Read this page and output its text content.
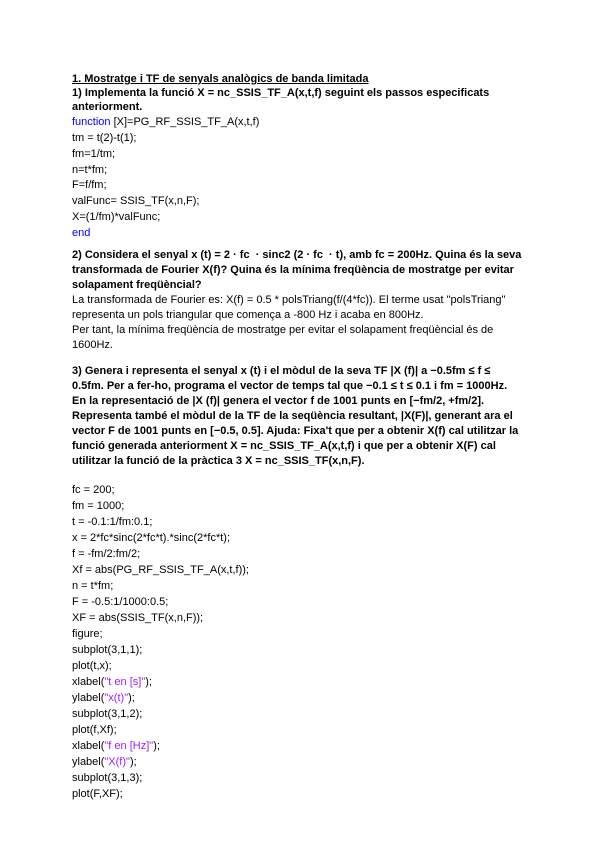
1. Mostratge i TF de senyals analògics de banda limitada
1) Implementa la funció X = nc_SSIS_TF_A(x,t,f) seguint els passos especificats
anteriorment.
function [X]=PG_RF_SSIS_TF_A(x,t,f)
tm = t(2)-t(1);
fm=1/tm;
n=t*fm;
F=f/fm;
valFunc= SSIS_TF(x,n,F);
X=(1/fm)*valFunc;
end
2) Considera el senyal x (t) = 2 · fc  · sinc2 (2 · fc  · t), amb fc = 200Hz. Quina és la seva
transformada de Fourier X(f)? Quina és la mínima freqüència de mostratge per evitar
solapament freqüèncial?
La transformada de Fourier es: X(f) = 0.5 * polsTriang(f/(4*fc)). El terme usat "polsTriang"
representa un pols triangular que comença a -800 Hz i acaba en 800Hz.
Per tant, la mínima freqüència de mostratge per evitar el solapament freqüèncial és de
1600Hz.
3) Genera i representa el senyal x (t) i el mòdul de la seva TF |X (f)| a −0.5fm ≤ f ≤
0.5fm. Per a fer-ho, programa el vector de temps tal que −0.1 ≤ t ≤ 0.1 i fm = 1000Hz.
En la representació de |X (f)| genera el vector f de 1001 punts en [−fm/2, +fm/2].
Representa també el mòdul de la TF de la seqüència resultant, |X(F)|, generant ara el
vector F de 1001 punts en [−0.5, 0.5]. Ajuda: Fixa't que per a obtenir X(f) cal utilitzar la
funció generada anteriorment X = nc_SSIS_TF_A(x,t,f) i que per a obtenir X(F) cal
utilitzar la funció de la pràctica 3 X = nc_SSIS_TF(x,n,F).
fc = 200;
fm = 1000;
t = -0.1:1/fm:0.1;
x = 2*fc*sinc(2*fc*t).*sinc(2*fc*t);
f = -fm/2:fm/2;
Xf = abs(PG_RF_SSIS_TF_A(x,t,f));
n = t*fm;
F = -0.5:1/1000:0.5;
XF = abs(SSIS_TF(x,n,F));
figure;
subplot(3,1,1);
plot(t,x);
xlabel("t en [s]");
ylabel("x(t)");
subplot(3,1,2);
plot(f,Xf);
xlabel("f en [Hz]");
ylabel("X(f)");
subplot(3,1,3);
plot(F,XF);
